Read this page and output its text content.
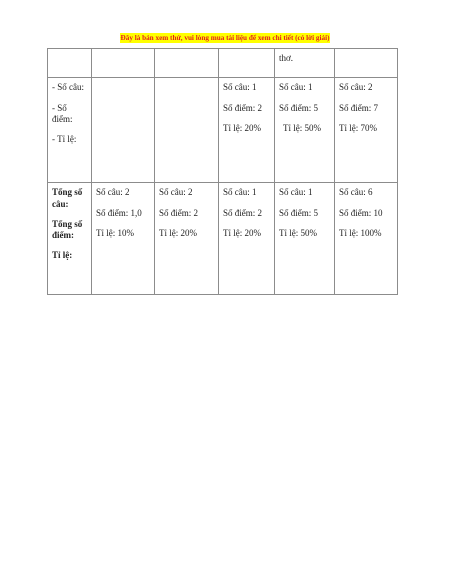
Đây là bản xem thử, vui lòng mua tài liệu để xem chi tiết (có lời giải)

				thơ.	

- Số câu:
- Số điểm:
- Tỉ lệ:			Số câu: 1
Số điểm: 2
Tỉ lệ: 20%	Số câu: 1
Số điểm: 5
Tỉ lệ: 50%	Số câu: 2
Số điểm: 7
Tỉ lệ: 70%

Tổng số câu:
Tổng số điểm:
Tỉ lệ:	Số câu: 2
Số điểm: 1,0
Tỉ lệ: 10%	Số câu: 2
Số điểm: 2
Tỉ lệ: 20%	Số câu: 1
Số điểm: 2
Tỉ lệ: 20%	Số câu: 1
Số điểm: 5
Tỉ lệ: 50%	Số câu: 6
Số điểm: 10
Tỉ lệ: 100%
